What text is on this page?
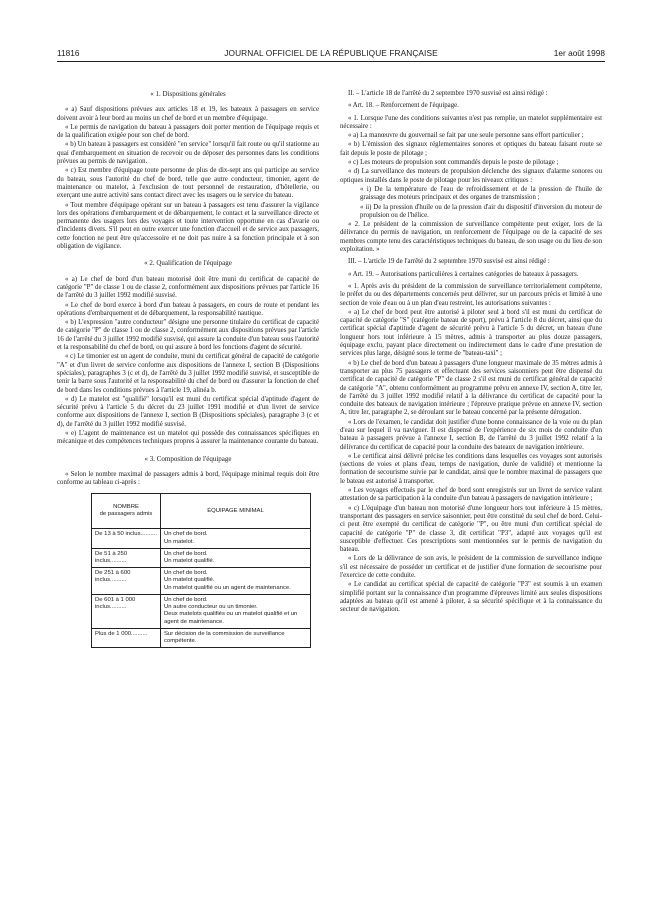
11816	JOURNAL OFFICIEL DE LA RÉPUBLIQUE FRANÇAISE	1er août 1998
« 1. Dispositions générales

« a) Sauf dispositions prévues aux articles 18 et 19, les bateaux à passagers en service doivent avoir à leur bord au moins un chef de bord et un membre d'équipage.

« Le permis de navigation du bateau à passagers doit porter mention de l'équipage requis et de la qualification exigée pour son chef de bord.

« b) Un bateau à passagers est considéré "en service" lorsqu'il fait route ou qu'il stationne au quai d'embarquement en situation de recevoir ou de déposer des personnes dans les conditions prévues au permis de navigation.

« c) Est membre d'équipage toute personne de plus de dix-sept ans qui participe au service du bateau, sous l'autorité du chef de bord, telle que autre conducteur, timonier, agent de maintenance ou matelot, à l'exclusion de tout personnel de restauration, d'hôtellerie, ou exerçant une autre activité sans contact direct avec les usagers ou le service du bateau.

« Tout membre d'équipage opérant sur un bateau à passagers est tenu d'assurer la vigilance lors des opérations d'embarquement et de débarquement, le contact et la surveillance directe et permanente des usagers lors des voyages et toute intervention opportune en cas d'avarie ou d'incidents divers. S'il peut en outre exercer une fonction d'accueil et de service aux passagers, cette fonction ne peut être qu'accessoire et ne doit pas nuire à sa fonction principale et à son obligation de vigilance.

« 2. Qualification de l'équipage

« a) Le chef de bord d'un bateau motorisé doit être muni du certificat de capacité de catégorie "P" de classe 1 ou de classe 2, conformément aux dispositions prévues par l'article 16 de l'arrêté du 3 juillet 1992 modifié susvisé.

« Le chef de bord exerce à bord d'un bateau à passagers, en cours de route et pendant les opérations d'embarquement et de débarquement, la responsabilité nautique.

« b) L'expression "autre conducteur" désigne une personne titulaire du certificat de capacité de catégorie "P" de classe 1 ou de classe 2, conformément aux dispositions prévues par l'article 16 de l'arrêté du 3 juillet 1992 modifié susvisé, qui assure la conduite d'un bateau sous l'autorité et la responsabilité du chef de bord, ou qui assure à bord les fonctions d'agent de sécurité.

« c) Le timonier est un agent de conduite, muni du certificat général de capacité de catégorie "A" et d'un livret de service conforme aux dispositions de l'annexe I, section B (Dispositions spéciales), paragraphes 3 (c et d), de l'arrêté du 3 juillet 1992 modifié susvisé, et susceptible de tenir la barre sous l'autorité et la responsabilité du chef de bord ou d'assurer la fonction de chef de bord dans les conditions prévues à l'article 19, alinéa b.

« d) Le matelot est "qualifié" lorsqu'il est muni du certificat spécial d'aptitude d'agent de sécurité prévu à l'article 5 du décret du 23 juillet 1991 modifié et d'un livret de service conforme aux dispositions de l'annexe I, section B (Dispositions spéciales), paragraphe 3 (c et d), de l'arrêté du 3 juillet 1992 modifié susvisé.

« e) L'agent de maintenance est un matelot qui possède des connaissances spécifiques en mécanique et des compétences techniques propres à assurer la maintenance courante du bateau.

« 3. Composition de l'équipage

« Selon le nombre maximal de passagers admis à bord, l'équipage minimal requis doit être conforme au tableau ci-après :

NOMBRE
de passagers admis	ÉQUIPAGE MINIMAL
De 13 à 50 inclus..........	Un chef de bord.
Un matelot.

De 51 à 250 inclus..........	Un chef de bord.
Un matelot qualifié.

De 251 à 600 inclus..........	Un chef de bord.
Un matelot qualifié.
Un matelot qualifié ou un agent de maintenance.

De 601 à 1 000 inclus..........	Un chef de bord.
Un autre conducteur ou un timonier.
Deux matelots qualifiés ou un matelot qualifié et un agent de maintenance.

Plus de 1 000..........	Sur décision de la commission de surveillance compétente.

II. – L'article 18 de l'arrêté du 2 septembre 1970 susvisé est ainsi rédigé :

« Art. 18. – Renforcement de l'équipage.

« 1. Lorsque l'une des conditions suivantes n'est pas remplie, un matelot supplémentaire est nécessaire :

« a) La manœuvre du gouvernail se fait par une seule personne sans effort particulier ;

« b) L'émission des signaux réglementaires sonores et optiques du bateau faisant route se fait depuis le poste de pilotage ;

« c) Les moteurs de propulsion sont commandés depuis le poste de pilotage ;

« d) La surveillance des moteurs de propulsion déclenche des signaux d'alarme sonores ou optiques installés dans le poste de pilotage pour les niveaux critiques :

« i) De la température de l'eau de refroidissement et de la pression de l'huile de graissage des moteurs principaux et des organes de transmission ;

« ii) De la pression d'huile ou de la pression d'air du dispositif d'inversion du moteur de propulsion ou de l'hélice.

« 2. Le président de la commission de surveillance compétente peut exiger, lors de la délivrance du permis de navigation, un renforcement de l'équipage ou de la capacité de ses membres compte tenu des caractéristiques techniques du bateau, de son usage ou du lieu de son exploitation. »

III. – L'article 19 de l'arrêté du 2 septembre 1970 susvisé est ainsi rédigé :

« Art. 19. – Autorisations particulières à certaines catégories de bateaux à passagers.

« 1. Après avis du président de la commission de surveillance territorialement compétente, le préfet du ou des départements concernés peut délivrer, sur un parcours précis et limité à une section de voie d'eau ou à un plan d'eau restreint, les autorisations suivantes :

« a) Le chef de bord peut être autorisé à piloter seul à bord s'il est muni du certificat de capacité de catégorie "S" (catégorie bateau de sport), prévu à l'article 8 du décret, ainsi que du certificat spécial d'aptitude d'agent de sécurité prévu à l'article 5 du décret, un bateau d'une longueur hors tout inférieure à 15 mètres, admis à transporter au plus douze passagers, équipage exclu, payant place directement ou indirectement dans le cadre d'une prestation de services plus large, désigné sous le terme de "bateau-taxi" ;

« b) Le chef de bord d'un bateau à passagers d'une longueur maximale de 35 mètres admis à transporter au plus 75 passagers et effectuant des services saisonniers peut être dispensé du certificat de capacité de catégorie "P" de classe 2 s'il est muni du certificat général de capacité de catégorie "A", obtenu conformément au programme prévu en annexe IV, section A, titre Ier, de l'arrêté du 3 juillet 1992 modifié relatif à la délivrance du certificat de capacité pour la conduite des bateaux de navigation intérieure ; l'épreuve pratique prévue en annexe IV, section A, titre Ier, paragraphe 2, se déroulant sur le bateau concerné par la présente dérogation.

« Lors de l'examen, le candidat doit justifier d'une bonne connaissance de la voie ou du plan d'eau sur lequel il va naviguer. Il est dispensé de l'expérience de six mois de conduite d'un bateau à passagers prévue à l'annexe I, section B, de l'arrêté du 3 juillet 1992 relatif à la délivrance du certificat de capacité pour la conduite des bateaux de navigation intérieure.

« Le certificat ainsi délivré précise les conditions dans lesquelles ces voyages sont autorisés (sections de voies et plans d'eau, temps de navigation, durée de validité) et mentionne la formation de secourisme suivie par le candidat, ainsi que le nombre maximal de passagers que le bateau est autorisé à transporter.

« Les voyages effectués par le chef de bord sont enregistrés sur un livret de service valant attestation de sa participation à la conduite d'un bateau à passagers de navigation intérieure ;

« c) L'équipage d'un bateau non motorisé d'une longueur hors tout inférieure à 15 mètres, transportant des passagers en service saisonnier, peut être constitué du seul chef de bord. Celui-ci peut être exempté du certificat de catégorie "P", ou être muni d'un certificat spécial de capacité de catégorie "P" de classe 3, dit certificat "P3", adapté aux voyages qu'il est susceptible d'effectuer. Ces prescriptions sont mentionnées sur le permis de navigation du bateau.

« Lors de la délivrance de son avis, le président de la commission de surveillance indique s'il est nécessaire de posséder un certificat et de justifier d'une formation de secourisme pour l'exercice de cette conduite.

« Le candidat au certificat spécial de capacité de catégorie "P3" est soumis à un examen simplifié portant sur la connaissance d'un programme d'épreuves limité aux seules dispositions adaptées au bateau qu'il est amené à piloter, à sa sécurité spécifique et à la connaissance du secteur de navigation.
